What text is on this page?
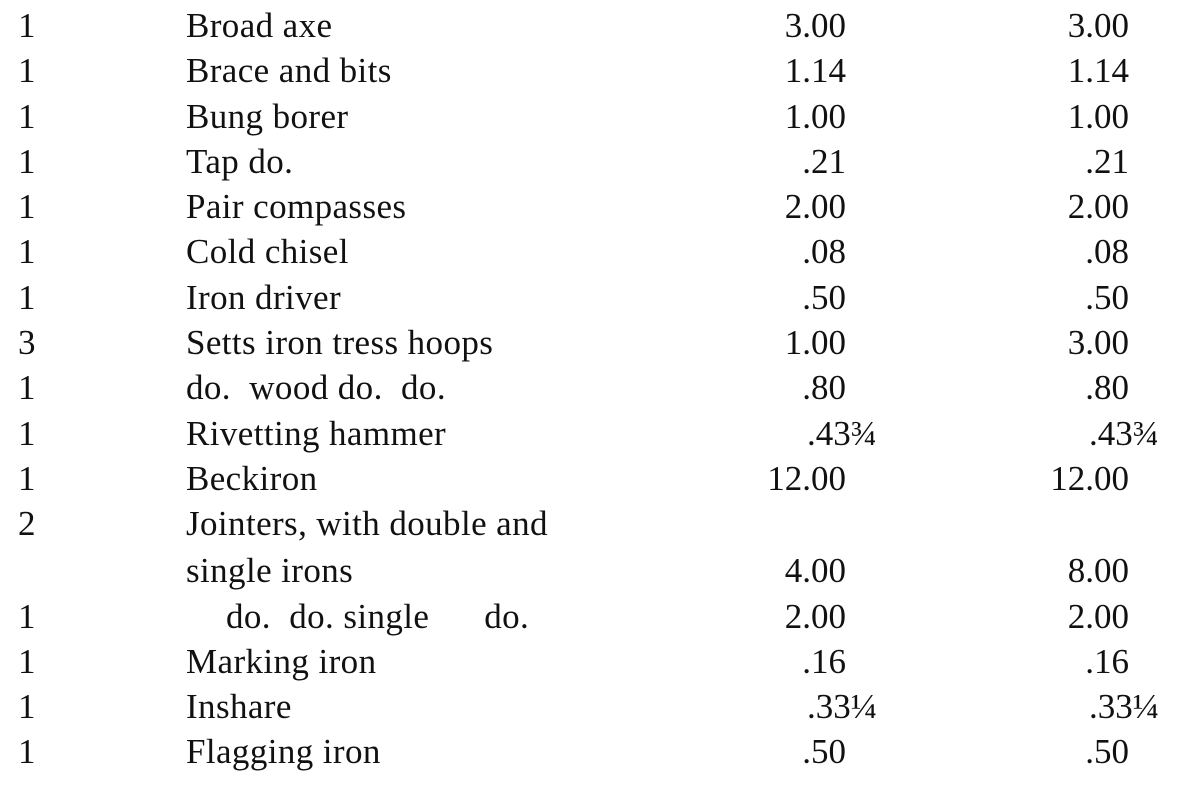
1	Broad axe	3.00	3.00
1	Brace and bits	1.14	1.14
1	Bung borer	1.00	1.00
1	Tap do.	.21	.21
1	Pair compasses	2.00	2.00
1	Cold chisel	.08	.08
1	Iron driver	.50	.50
3	Setts iron tress hoops	1.00	3.00
1	do.  wood do.  do.	.80	.80
1	Rivetting hammer	.43¾	.43¾
1	Beckiron	12.00	12.00
2	Jointers, with double and
single irons	4.00	8.00
1	do.  do. single      do.	2.00	2.00
1	Marking iron	.16	.16
1	Inshare	.33¼	.33¼
1	Flagging iron	.50	.50
